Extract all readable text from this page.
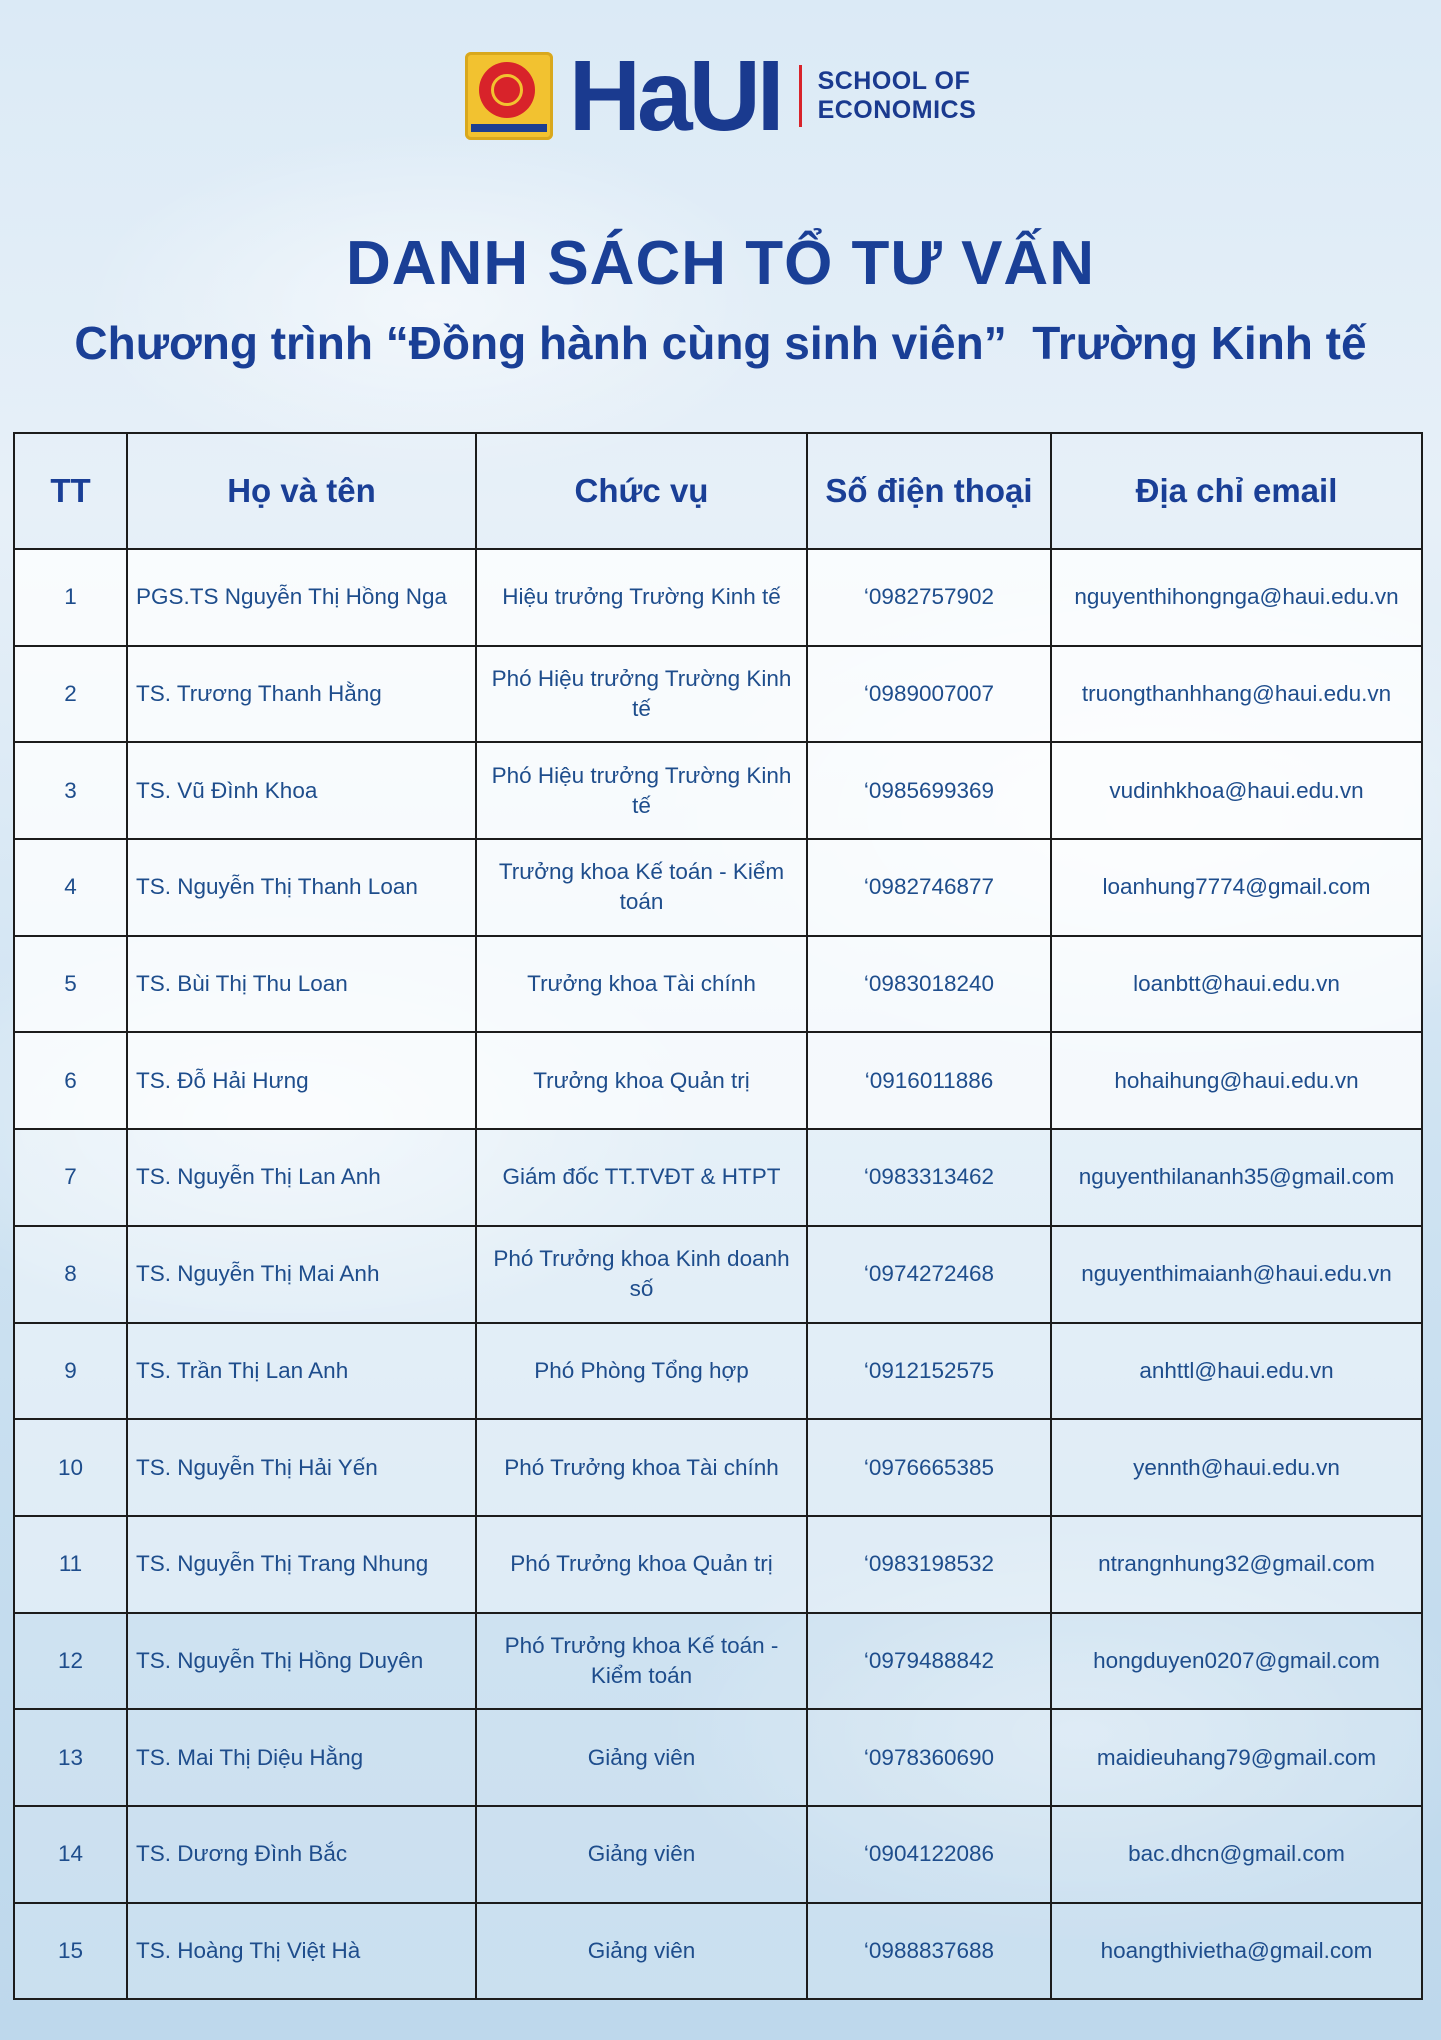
HaUI SCHOOL OF
ECONOMICS
DANH SÁCH TỔ TƯ VẤN
Chương trình “Đồng hành cùng sinh viên”  Trường Kinh tế
TT	Họ và tên	Chức vụ	Số điện thoại	Địa chỉ email
1	PGS.TS Nguyễn Thị Hồng Nga	Hiệu trưởng Trường Kinh tế	‘0982757902	nguyenthihongnga@haui.edu.vn
2	TS. Trương Thanh Hằng	Phó Hiệu trưởng Trường Kinh tế	‘0989007007	truongthanhhang@haui.edu.vn
3	TS. Vũ Đình Khoa	Phó Hiệu trưởng Trường Kinh tế	‘0985699369	vudinhkhoa@haui.edu.vn
4	TS. Nguyễn Thị Thanh Loan	Trưởng khoa Kế toán - Kiểm toán	‘0982746877	loanhung7774@gmail.com
5	TS. Bùi Thị Thu Loan	Trưởng khoa Tài chính	‘0983018240	loanbtt@haui.edu.vn
6	TS. Đỗ Hải Hưng	Trưởng khoa Quản trị	‘0916011886	hohaihung@haui.edu.vn
7	TS. Nguyễn Thị Lan Anh	Giám đốc TT.TVĐT & HTPT	‘0983313462	nguyenthilananh35@gmail.com
8	TS. Nguyễn Thị Mai Anh	Phó Trưởng khoa Kinh doanh số	‘0974272468	nguyenthimaianh@haui.edu.vn
9	TS. Trần Thị Lan Anh	Phó Phòng Tổng hợp	‘0912152575	anhttl@haui.edu.vn
10	TS. Nguyễn Thị Hải Yến	Phó Trưởng khoa Tài chính	‘0976665385	yennth@haui.edu.vn
11	TS. Nguyễn Thị Trang Nhung	Phó Trưởng khoa Quản trị	‘0983198532	ntrangnhung32@gmail.com
12	TS. Nguyễn Thị Hồng Duyên	Phó Trưởng khoa Kế toán - Kiểm toán	‘0979488842	hongduyen0207@gmail.com
13	TS. Mai Thị Diệu Hằng	Giảng viên	‘0978360690	maidieuhang79@gmail.com
14	TS. Dương Đình Bắc	Giảng viên	‘0904122086	bac.dhcn@gmail.com
15	TS. Hoàng Thị Việt Hà	Giảng viên	‘0988837688	hoangthivietha@gmail.com
